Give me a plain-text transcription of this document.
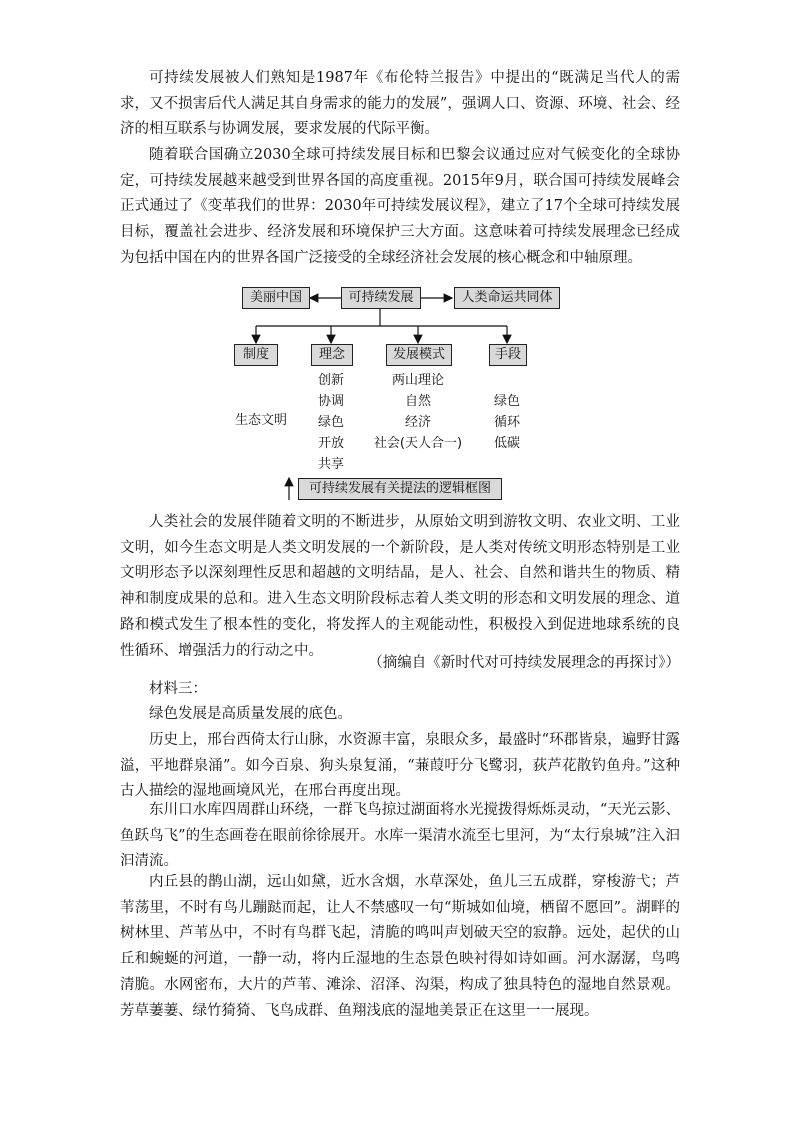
可持续发展被人们熟知是1987年《布伦特兰报告》中提出的“既满足当代人的需求，又不损害后代人满足其自身需求的能力的发展”，强调人口、资源、环境、社会、经济的相互联系与协调发展，要求发展的代际平衡。

随着联合国确立2030全球可持续发展目标和巴黎会议通过应对气候变化的全球协定，可持续发展越来越受到世界各国的高度重视。2015年9月，联合国可持续发展峰会正式通过了《变革我们的世界：2030年可持续发展议程》，建立了17个全球可持续发展目标，覆盖社会进步、经济发展和环境保护三大方面。这意味着可持续发展理念已经成为包括中国在内的世界各国广泛接受的全球经济社会发展的核心概念和中轴原理。

美丽中国	可持续发展	人类命运共同体
制度	理念	发展模式	手段
生态文明
创新
协调
绿色
开放
共享
两山理论
自然
经济
社会(天人合一)
绿色
循环
低碳
可持续发展有关提法的逻辑框图

人类社会的发展伴随着文明的不断进步，从原始文明到游牧文明、农业文明、工业文明，如今生态文明是人类文明发展的一个新阶段，是人类对传统文明形态特别是工业文明形态予以深刻理性反思和超越的文明结晶，是人、社会、自然和谐共生的物质、精神和制度成果的总和。进入生态文明阶段标志着人类文明的形态和文明发展的理念、道路和模式发生了根本性的变化，将发挥人的主观能动性，积极投入到促进地球系统的良性循环、增强活力的行动之中。

（摘编自《新时代对可持续发展理念的再探讨》）

材料三：

绿色发展是高质量发展的底色。

历史上，邢台西倚太行山脉，水资源丰富，泉眼众多，最盛时“环郡皆泉，遍野甘露溢，平地群泉涌”。如今百泉、狗头泉复涌，“蒹葭吁分飞鹭羽，荻芦花散钓鱼舟。”这种古人描绘的湿地画境风光，在邢台再度出现。

东川口水库四周群山环绕，一群飞鸟掠过湖面将水光搅拨得烁烁灵动，“天光云影、鱼跃鸟飞”的生态画卷在眼前徐徐展开。水库一渠清水流至七里河，为“太行泉城”注入汩汩清流。

内丘县的鹊山湖，远山如黛，近水含烟，水草深处，鱼儿三五成群，穿梭游弋；芦苇荡里，不时有鸟儿蹦跶而起，让人不禁感叹一句“斯城如仙境，栖留不愿回”。湖畔的树林里、芦苇丛中，不时有鸟群飞起，清脆的鸣叫声划破天空的寂静。远处，起伏的山丘和蜿蜒的河道，一静一动，将内丘湿地的生态景色映衬得如诗如画。河水潺潺，鸟鸣清脆。水网密布，大片的芦苇、滩涂、沼泽、沟渠，构成了独具特色的湿地自然景观。芳草萋萋、绿竹猗猗、飞鸟成群、鱼翔浅底的湿地美景正在这里一一展现。
